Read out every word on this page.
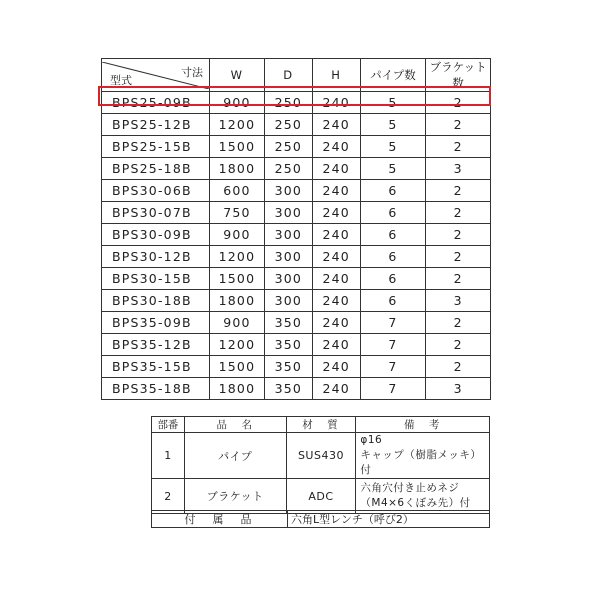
寸法
型式	W	D	H	パイプ数	ブラケット数
BPS25-09B	900	250	240	5	2
BPS25-12B	1200	250	240	5	2
BPS25-15B	1500	250	240	5	2
BPS25-18B	1800	250	240	5	3
BPS30-06B	600	300	240	6	2
BPS30-07B	750	300	240	6	2
BPS30-09B	900	300	240	6	2
BPS30-12B	1200	300	240	6	2
BPS30-15B	1500	300	240	6	2
BPS30-18B	1800	300	240	6	3
BPS35-09B	900	350	240	7	2
BPS35-12B	1200	350	240	7	2
BPS35-15B	1500	350	240	7	2
BPS35-18B	1800	350	240	7	3
部番	品　名	材　質	備　考
1	パイプ	SUS430	φ16
キャップ（樹脂メッキ）付

2	ブラケット	ADC	六角穴付き止めネジ
（M4×6くぼみ先）付
付　属　品	六角L型レンチ（呼び2）
